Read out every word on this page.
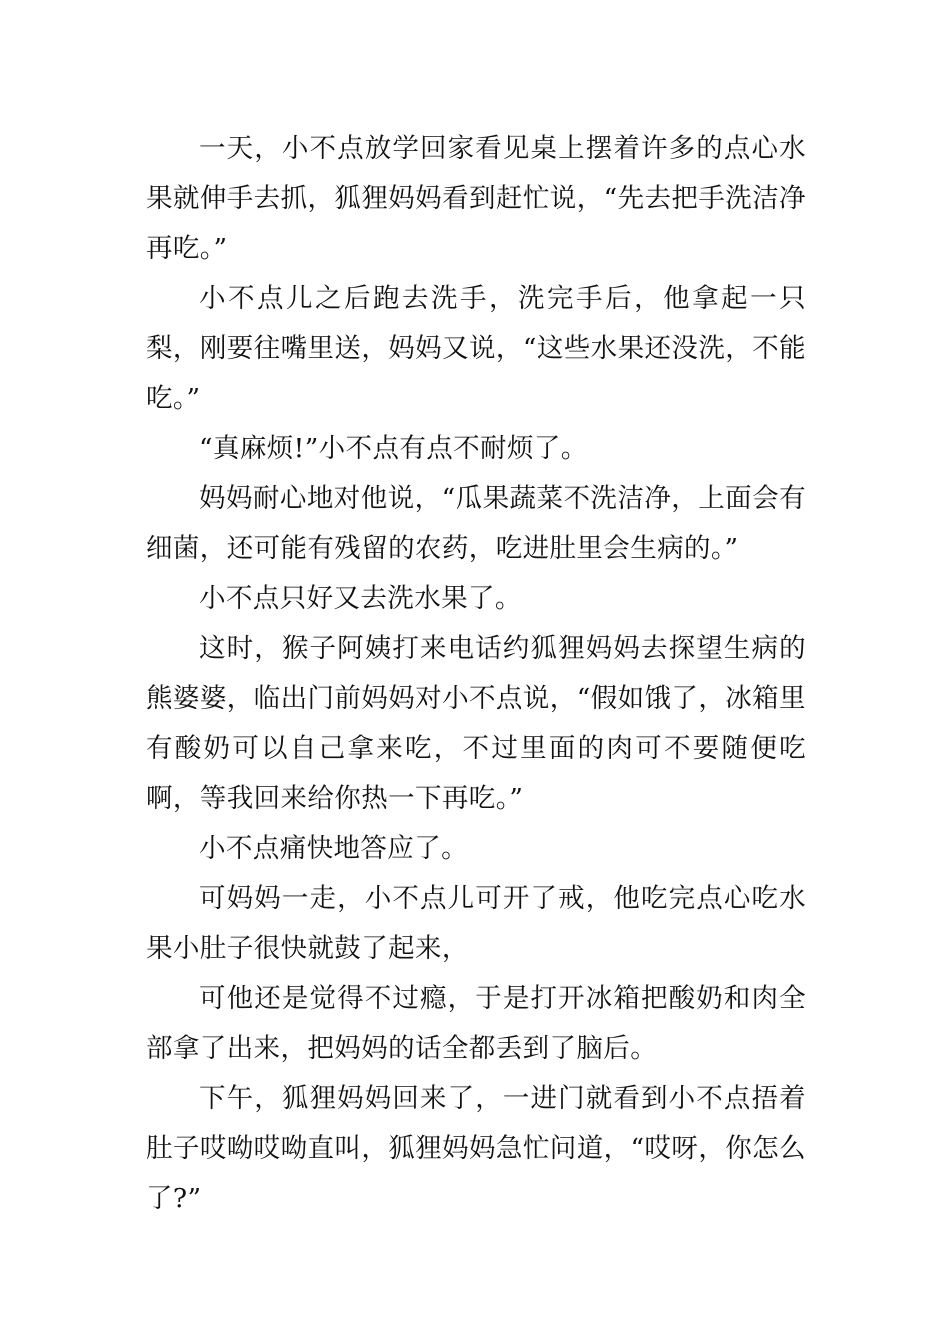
一天，小不点放学回家看见桌上摆着许多的点心水果就伸手去抓，狐狸妈妈看到赶忙说，“先去把手洗洁净再吃。”

小不点儿之后跑去洗手，洗完手后，他拿起一只梨，刚要往嘴里送，妈妈又说，“这些水果还没洗，不能吃。”

“真麻烦!”小不点有点不耐烦了。

妈妈耐心地对他说，“瓜果蔬菜不洗洁净，上面会有细菌，还可能有残留的农药，吃进肚里会生病的。”

小不点只好又去洗水果了。

这时，猴子阿姨打来电话约狐狸妈妈去探望生病的熊婆婆，临出门前妈妈对小不点说，“假如饿了，冰箱里有酸奶可以自己拿来吃，不过里面的肉可不要随便吃啊，等我回来给你热一下再吃。”

小不点痛快地答应了。

可妈妈一走，小不点儿可开了戒，他吃完点心吃水果小肚子很快就鼓了起来，

可他还是觉得不过瘾，于是打开冰箱把酸奶和肉全部拿了出来，把妈妈的话全都丢到了脑后。

下午，狐狸妈妈回来了，一进门就看到小不点捂着肚子哎呦哎呦直叫，狐狸妈妈急忙问道，“哎呀，你怎么了?”
